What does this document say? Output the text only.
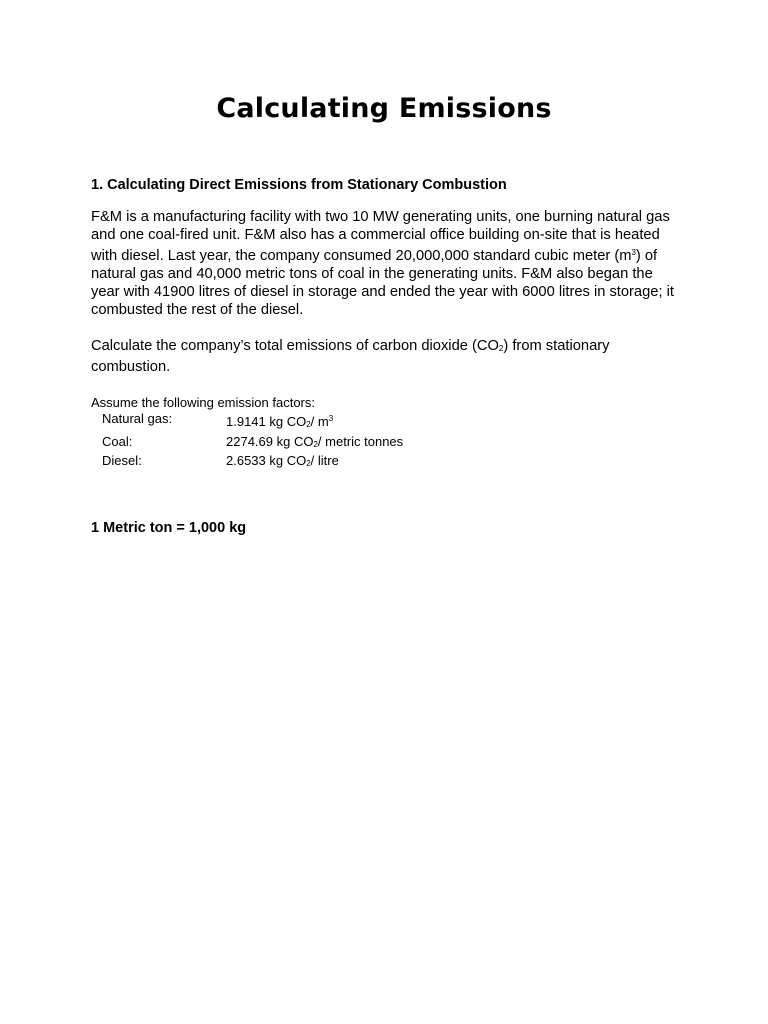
Calculating Emissions

1. Calculating Direct Emissions from Stationary Combustion

F&M is a manufacturing facility with two 10 MW generating units, one burning natural gas and one coal-fired unit. F&M also has a commercial office building on-site that is heated with diesel. Last year, the company consumed 20,000,000 standard cubic meter $(m^3)$ of natural gas and 40,000 metric tons of coal in the generating units. F&M also began the year with 41900 litres of diesel in storage and ended the year with 6000 litres in storage; it combusted the rest of the diesel.

Calculate the company’s total emissions of carbon dioxide $(CO_2)$ from stationary combustion.

Assume the following emission factors:
Natural gas:	1.9141 kg $CO_2/$ $m^3$
Coal:	2274.69 kg $CO_2/$ metric tonnes
Diesel:	2.6533 kg $CO_2/$ litre

1 Metric ton = 1,000 kg
